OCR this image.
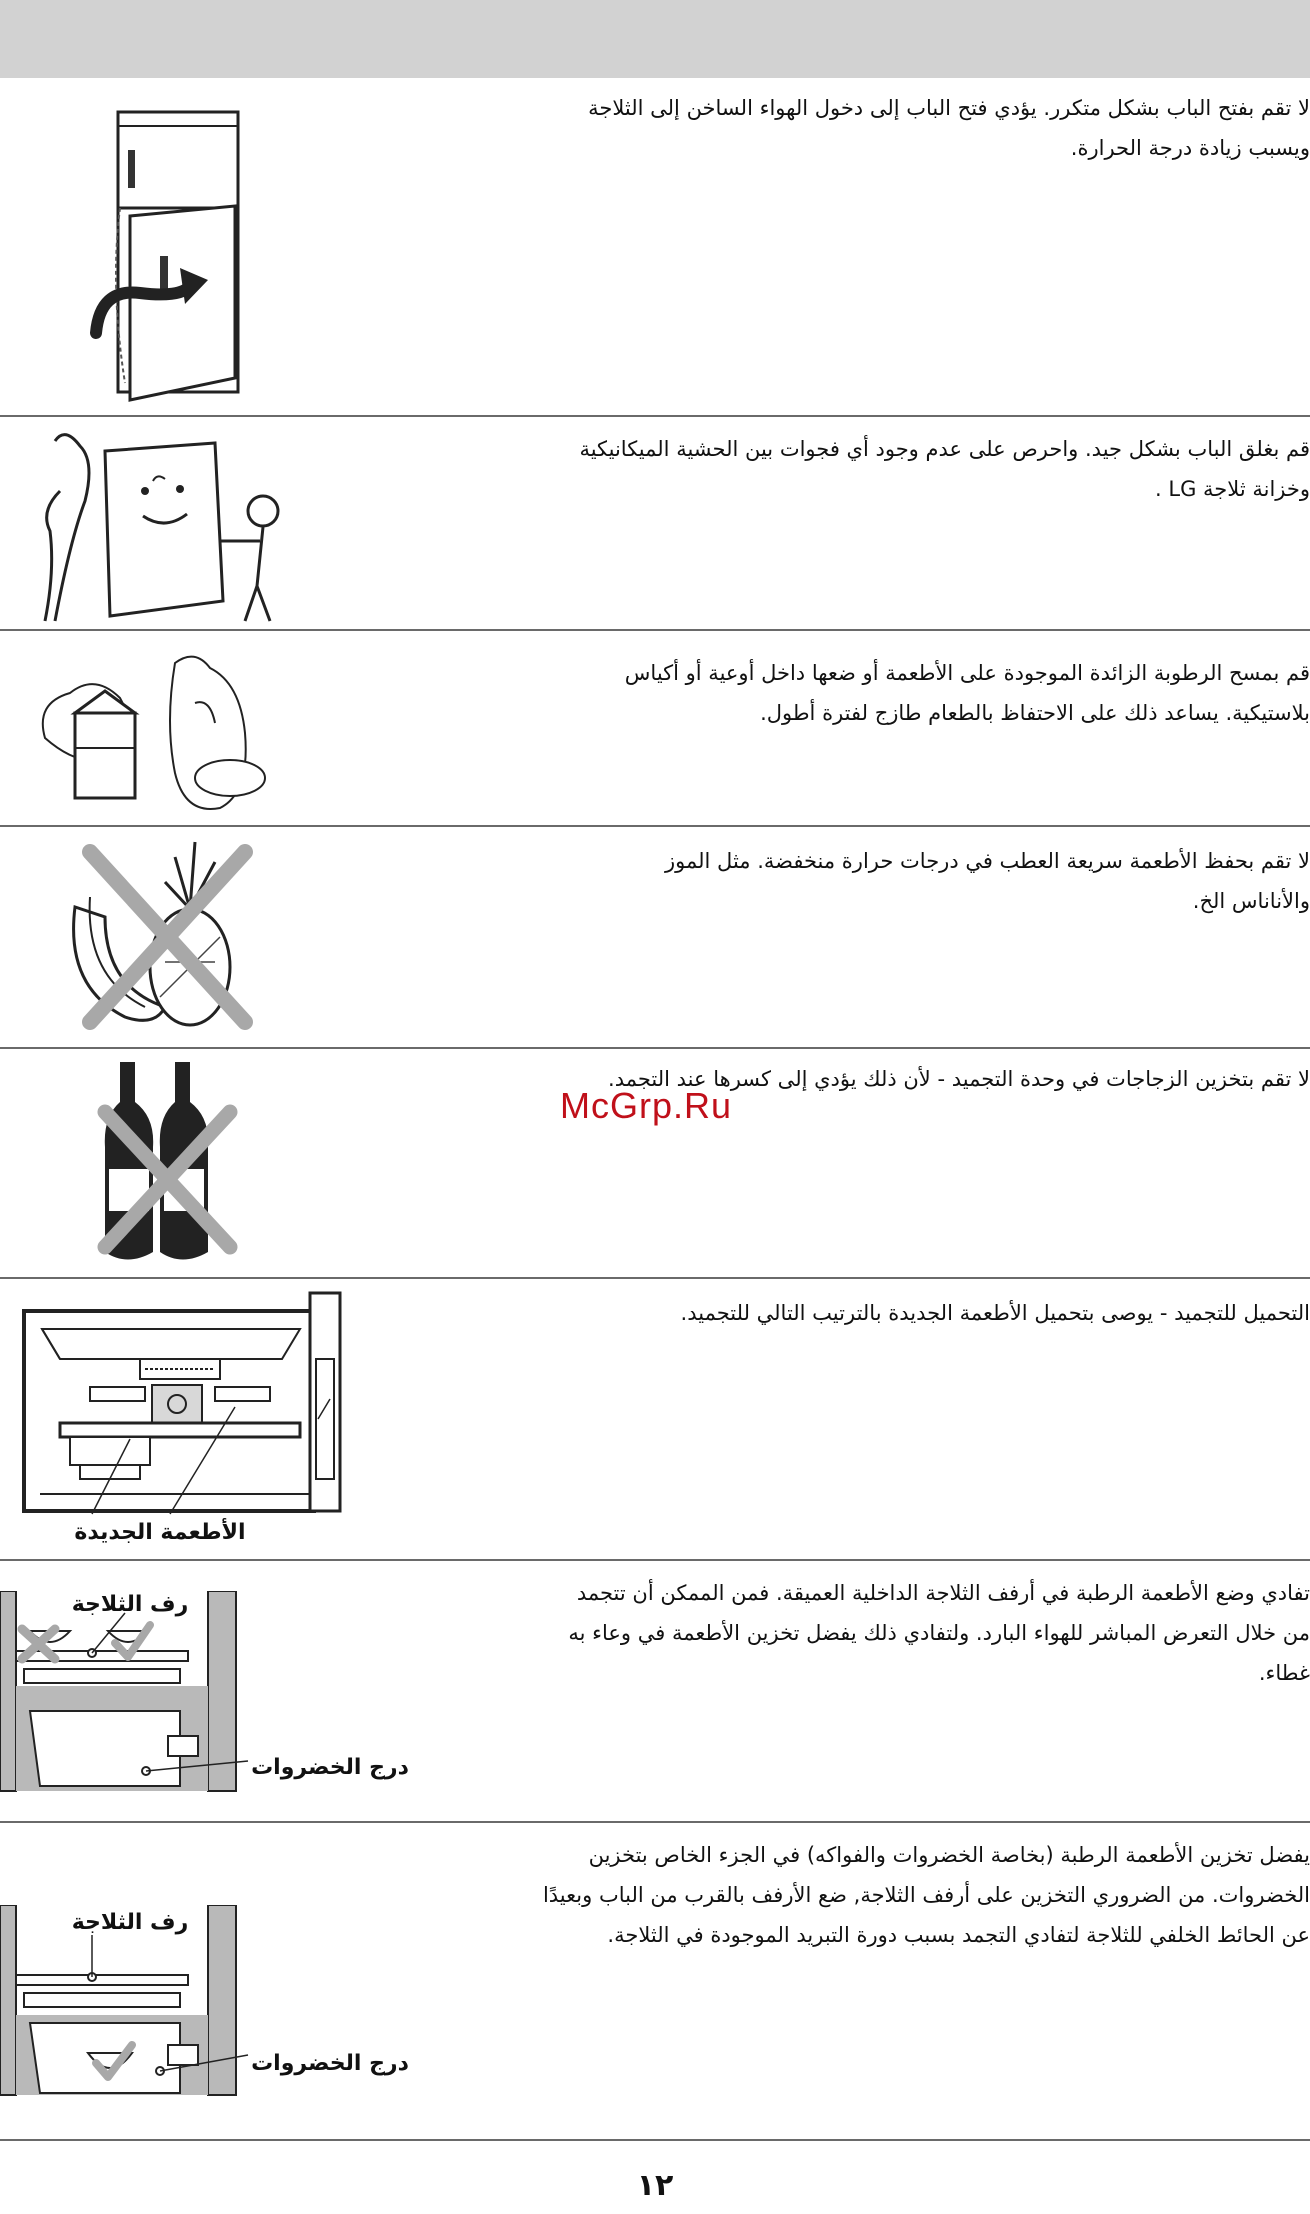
لا تقم بفتح الباب بشكل متكرر. يؤدي فتح الباب إلى دخول الهواء الساخن إلى الثلاجة
ويسبب زيادة درجة الحرارة.
قم بغلق الباب بشكل جيد. واحرص على عدم وجود أي فجوات بين الحشية الميكانيكية
وخزانة ثلاجة LG .
قم بمسح الرطوبة الزائدة الموجودة على الأطعمة أو ضعها داخل أوعية أو أكياس
بلاستيكية. يساعد ذلك على الاحتفاظ بالطعام طازج لفترة أطول.
لا تقم بحفظ الأطعمة سريعة العطب في درجات حرارة منخفضة. مثل الموز
والأناناس الخ.
لا تقم بتخزين الزجاجات في وحدة التجميد - لأن ذلك يؤدي إلى كسرها عند التجمد.
التحميل للتجميد - يوصى بتحميل الأطعمة الجديدة بالترتيب التالي للتجميد.
الأطعمة الجديدة
تفادي وضع الأطعمة الرطبة في أرفف الثلاجة الداخلية العميقة. فمن الممكن أن تتجمد
من خلال التعرض المباشر للهواء البارد. ولتفادي ذلك يفضل تخزين الأطعمة في وعاء به
غطاء.
رف الثلاجة
درج الخضروات
يفضل تخزين الأطعمة الرطبة (بخاصة الخضروات والفواكه) في الجزء الخاص بتخزين
الخضروات. من الضروري التخزين على أرفف الثلاجة, ضع الأرفف بالقرب من الباب وبعيدًا
عن الحائط الخلفي للثلاجة لتفادي التجمد بسبب دورة التبريد الموجودة في الثلاجة.
رف الثلاجة
درج الخضروات
McGrp.Ru
١٢
